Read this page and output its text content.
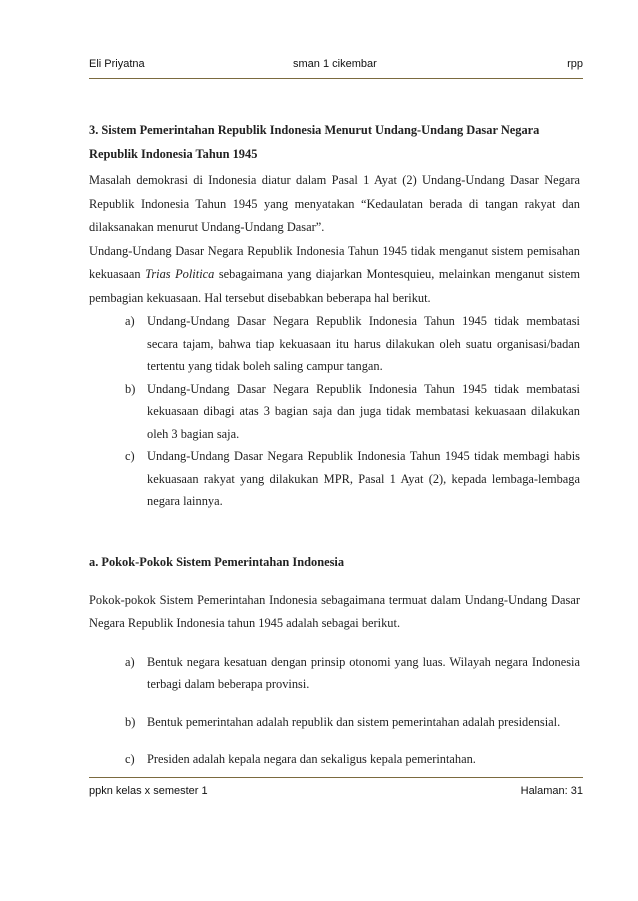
Eli Priyatna	sman 1 cikembar	rpp

3. Sistem Pemerintahan Republik Indonesia Menurut Undang-Undang Dasar Negara
Republik Indonesia Tahun 1945

Masalah demokrasi di Indonesia diatur dalam Pasal 1 Ayat (2) Undang-Undang Dasar Negara Republik Indonesia Tahun 1945 yang menyatakan “Kedaulatan berada di tangan rakyat dan dilaksanakan menurut Undang-Undang Dasar”.

Undang-Undang Dasar Negara Republik Indonesia Tahun 1945 tidak menganut sistem pemisahan kekuasaan Trias Politica sebagaimana yang diajarkan Montesquieu, melainkan menganut sistem pembagian kekuasaan. Hal tersebut disebabkan beberapa hal berikut.

a) Undang-Undang Dasar Negara Republik Indonesia Tahun 1945 tidak membatasi secara tajam, bahwa tiap kekuasaan itu harus dilakukan oleh suatu organisasi/badan tertentu yang tidak boleh saling campur tangan.
b) Undang-Undang Dasar Negara Republik Indonesia Tahun 1945 tidak membatasi kekuasaan dibagi atas 3 bagian saja dan juga tidak membatasi kekuasaan dilakukan oleh 3 bagian saja.
c) Undang-Undang Dasar Negara Republik Indonesia Tahun 1945 tidak membagi habis kekuasaan rakyat yang dilakukan MPR, Pasal 1 Ayat (2), kepada lembaga-lembaga negara lainnya.

a. Pokok-Pokok Sistem Pemerintahan Indonesia

Pokok-pokok Sistem Pemerintahan Indonesia sebagaimana termuat dalam Undang-Undang Dasar Negara Republik Indonesia tahun 1945 adalah sebagai berikut.

a) Bentuk negara kesatuan dengan prinsip otonomi yang luas. Wilayah negara Indonesia terbagi dalam beberapa provinsi.
b) Bentuk pemerintahan adalah republik dan sistem pemerintahan adalah presidensial.
c) Presiden adalah kepala negara dan sekaligus kepala pemerintahan.
ppkn kelas x semester 1	Halaman: 31
